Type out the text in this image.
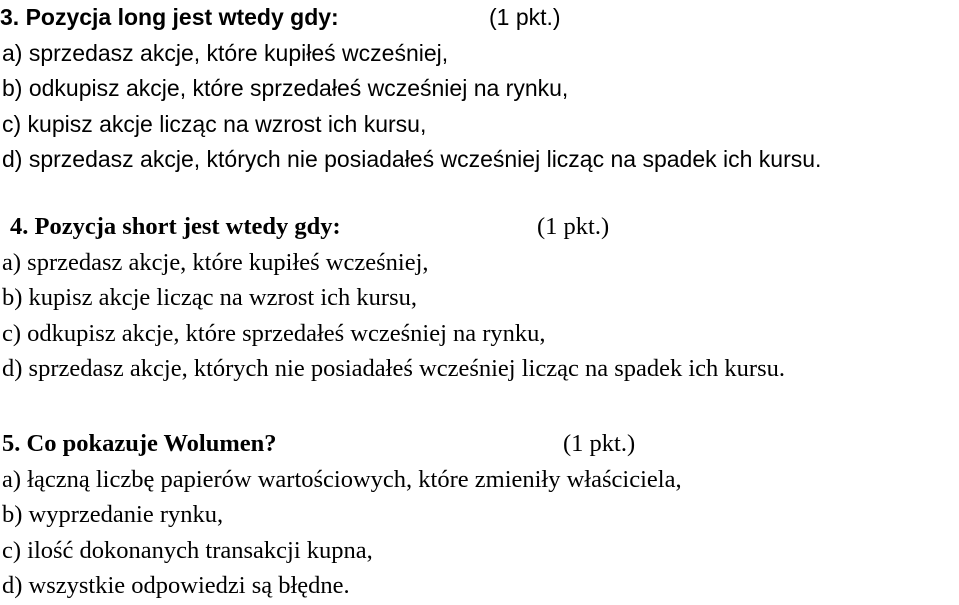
3. Pozycja long jest wtedy gdy:	(1 pkt.)
a) sprzedasz akcje, które kupiłeś wcześniej,
b) odkupisz akcje, które sprzedałeś wcześniej na rynku,
c) kupisz akcje licząc na wzrost ich kursu,
d) sprzedasz akcje, których nie posiadałeś wcześniej licząc na spadek ich kursu.
4. Pozycja short jest wtedy gdy:	(1 pkt.)
a) sprzedasz akcje, które kupiłeś wcześniej,
b) kupisz akcje licząc na wzrost ich kursu,
c) odkupisz akcje, które sprzedałeś wcześniej na rynku,
d) sprzedasz akcje, których nie posiadałeś wcześniej licząc na spadek ich kursu.
5. Co pokazuje Wolumen?	(1 pkt.)
a) łączną liczbę papierów wartościowych, które zmieniły właściciela,
b) wyprzedanie rynku,
c) ilość dokonanych transakcji kupna,
d) wszystkie odpowiedzi są błędne.
